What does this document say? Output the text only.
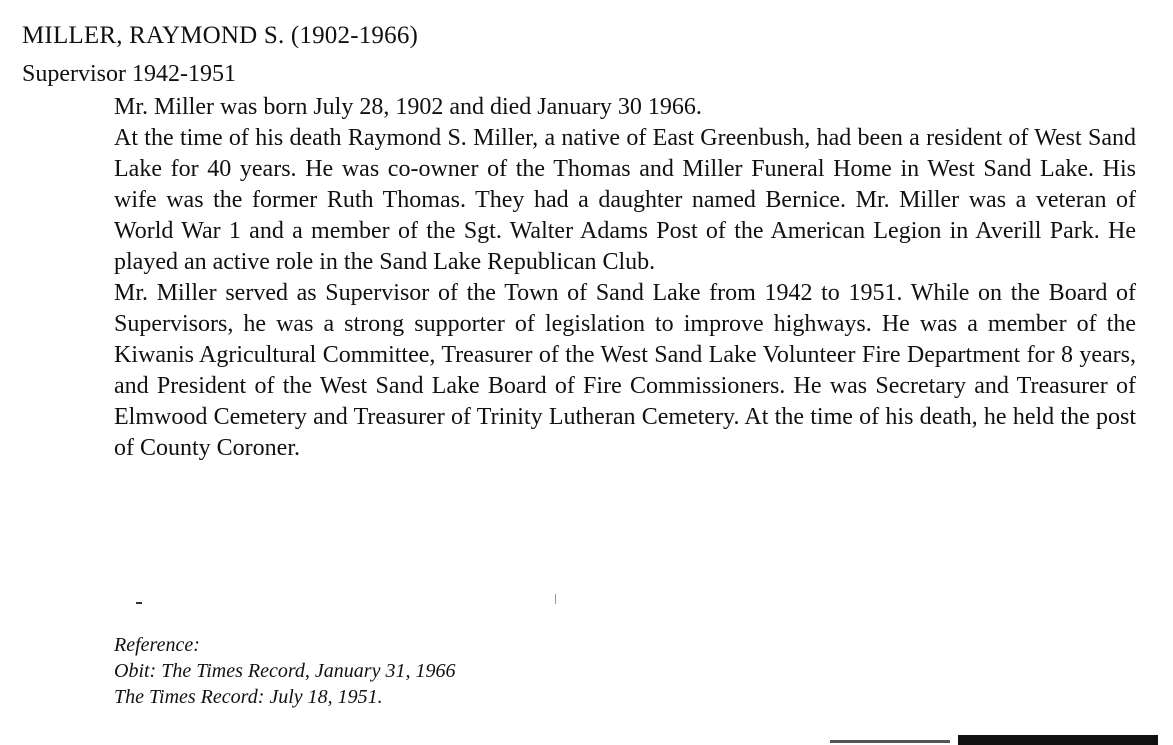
MILLER, RAYMOND S. (1902-1966)
Supervisor 1942-1951

Mr. Miller was born July 28, 1902 and died January 30 1966.

At the time of his death Raymond S. Miller, a native of East Greenbush, had been a resident of West Sand Lake for 40 years. He was co-owner of the Thomas and Miller Funeral Home in West Sand Lake. His wife was the former Ruth Thomas. They had a daughter named Bernice. Mr. Miller was a veteran of World War 1 and a member of the Sgt. Walter Adams Post of the American Legion in Averill Park. He played an active role in the Sand Lake Republican Club.

Mr. Miller served as Supervisor of the Town of Sand Lake from 1942 to 1951. While on the Board of Supervisors, he was a strong supporter of legislation to improve highways. He was a member of the Kiwanis Agricultural Committee, Treasurer of the West Sand Lake Volunteer Fire Department for 8 years, and President of the West Sand Lake Board of Fire Commissioners. He was Secretary and Treasurer of Elmwood Cemetery and Treasurer of Trinity Lutheran Cemetery. At the time of his death, he held the post of County Coroner.

Reference:
Obit: The Times Record, January 31, 1966
The Times Record: July 18, 1951.
